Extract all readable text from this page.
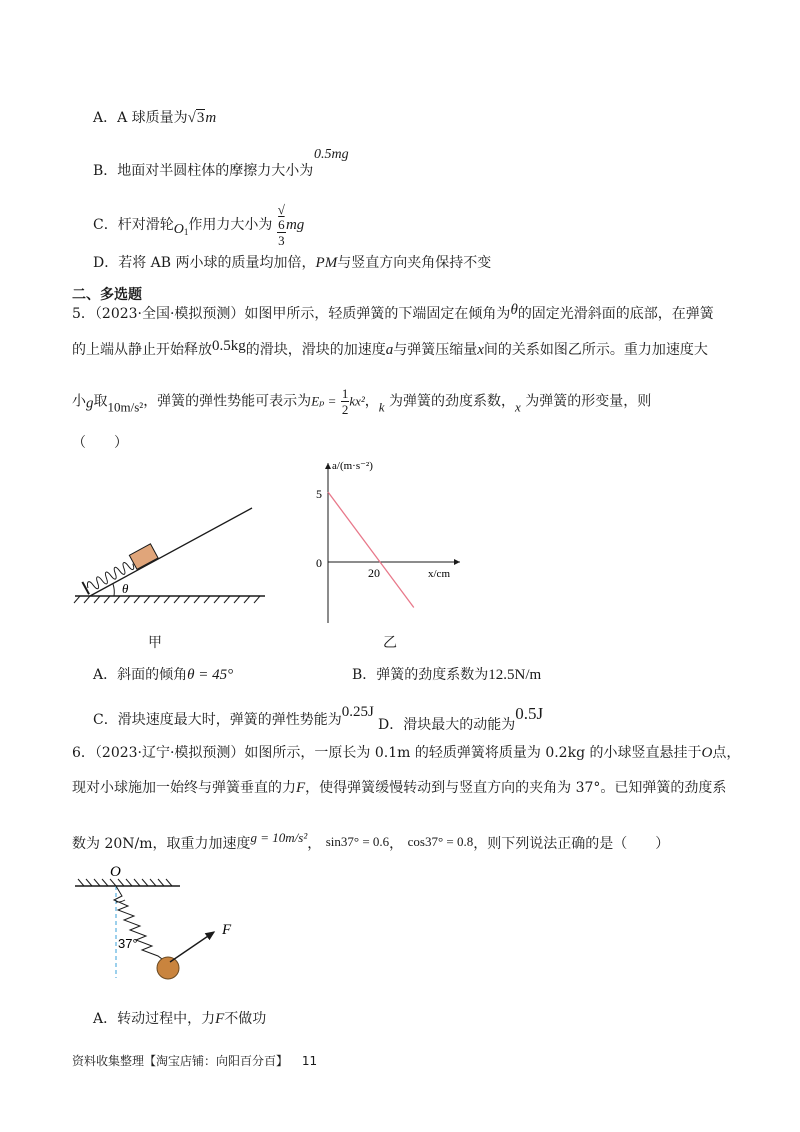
A．A 球质量为√3m
B．地面对半圆柱体的摩擦力大小为
0.5mg
C．杆对滑轮$O_1$作用力大小为 √
6
3 mg
D．若将 AB 两小球的质量均加倍，PM与竖直方向夹角保持不变
二、多选题
5．（2023·全国·模拟预测）如图甲所示，轻质弹簧的下端固定在倾角为θ的固定光滑斜面的底部，在弹簧
的上端从静止开始释放0.5kg的滑块，滑块的加速度a与弹簧压缩量x间的关系如图乙所示。重力加速度大
小g取10m/s²，弹簧的弹性势能可表示为$E_p = \frac{1}{2} kx^2$，k 为弹簧的劲度系数，x 为弹簧的形变量，则
（　　）
θ
甲
a/(m·s⁻²)
x/cm
5
20
0
乙
A．斜面的倾角θ = 45°	B．弹簧的劲度系数为12.5N/m
C．滑块速度最大时，弹簧的弹性势能为0.25J
D．滑块最大的动能为0.5J
6．（2023·辽宁·模拟预测）如图所示，一原长为 0.1m 的轻质弹簧将质量为 0.2kg 的小球竖直悬挂于O点，
现对小球施加一始终与弹簧垂直的力F，使得弹簧缓慢转动到与竖直方向的夹角为 37°。已知弹簧的劲度系
数为 20N/m，取重力加速度g = 10m/s²， sin37° = 0.6， cos37° = 0.8，则下列说法正确的是（　　）
O
37°
F
A．转动过程中，力F不做功
资料收集整理【淘宝店铺：向阳百分百】 11
